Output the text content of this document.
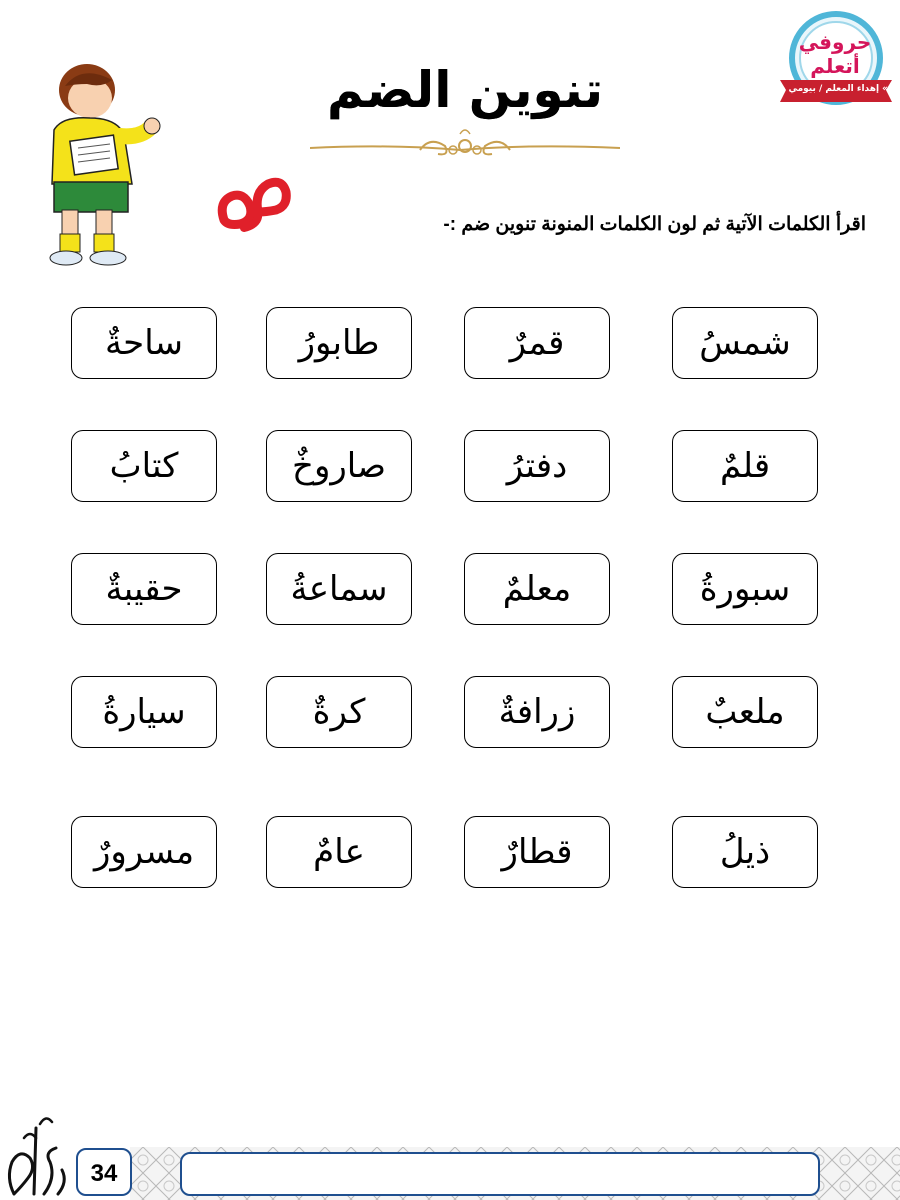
حروفي أتعلم
» إهداء المعلم / بيومي سمير «
تنوين الضم
اقرأ الكلمات الآتية ثم لون الكلمات المنونة تنوين ضم :-
شمسُ
قمرٌ
طابورُ
ساحةٌ
قلمٌ
دفترُ
صاروخٌ
كتابُ
سبورةُ
معلمٌ
سماعةُ
حقيبةٌ
ملعبٌ
زرافةٌ
كرةٌ
سيارةُ
ذيلُ
قطارٌ
عامٌ
مسرورٌ
34
